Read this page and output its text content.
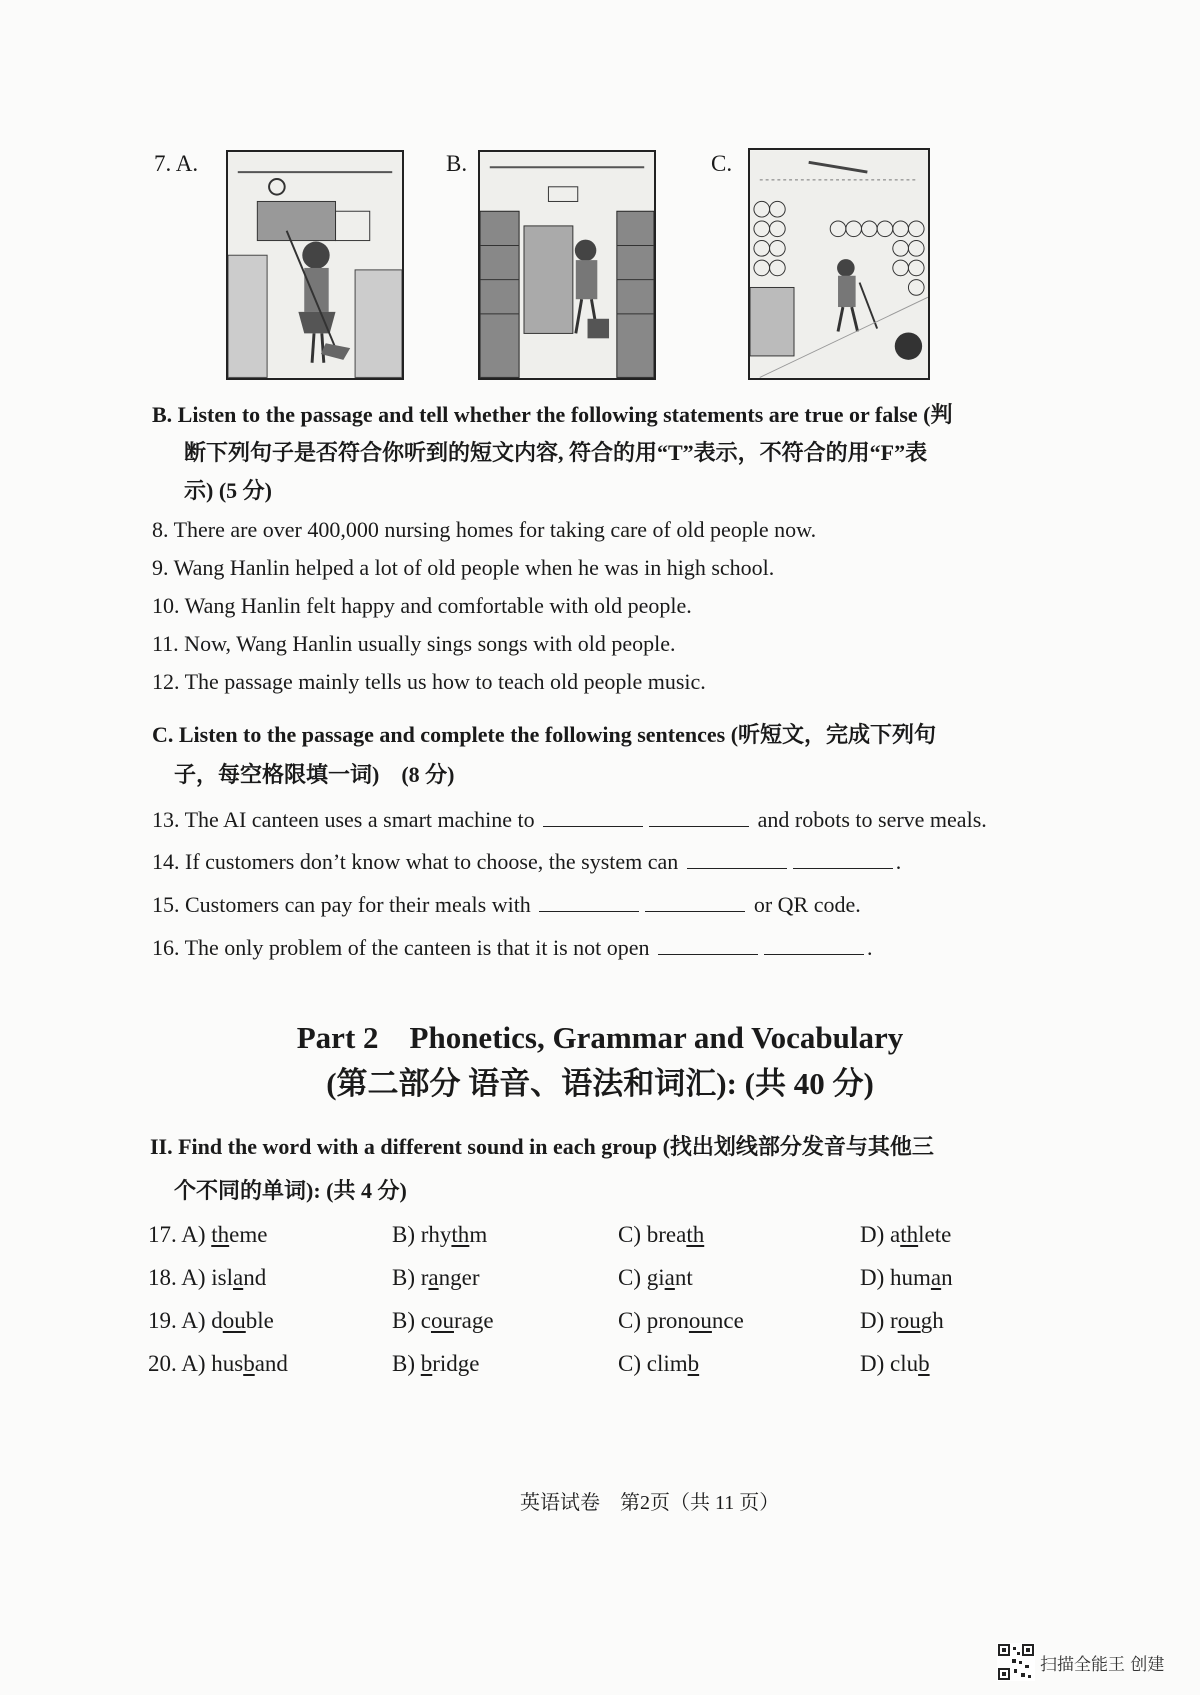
7. A.	B.	C.
B. Listen to the passage and tell whether the following statements are true or false (判
断下列句子是否符合你听到的短文内容, 符合的用“T”表示，不符合的用“F”表
示) (5 分)
8. There are over 400,000 nursing homes for taking care of old people now.
9. Wang Hanlin helped a lot of old people when he was in high school.
10. Wang Hanlin felt happy and comfortable with old people.
11. Now, Wang Hanlin usually sings songs with old people.
12. The passage mainly tells us how to teach old people music.
C. Listen to the passage and complete the following sentences (听短文，完成下列句
子，每空格限填一词)　(8 分)
13. The AI canteen uses a smart machine to	and robots to serve meals.
14. If customers don’t know what to choose, the system can	.
15. Customers can pay for their meals with	or QR code.
16. The only problem of the canteen is that it is not open	.
Part 2　Phonetics, Grammar and Vocabulary
(第二部分 语音、语法和词汇): (共 40 分)
II. Find the word with a different sound in each group (找出划线部分发音与其他三
个不同的单词): (共 4 分)
17. A) theme	B) rhythm	C) breath	D) athlete
18. A) island	B) ranger	C) giant	D) human
19. A) double	B) courage	C) pronounce	D) rough
20. A) husband	B) bridge	C) climb	D) club
英语试卷　第2页（共 11 页）
扫描全能王 创建
